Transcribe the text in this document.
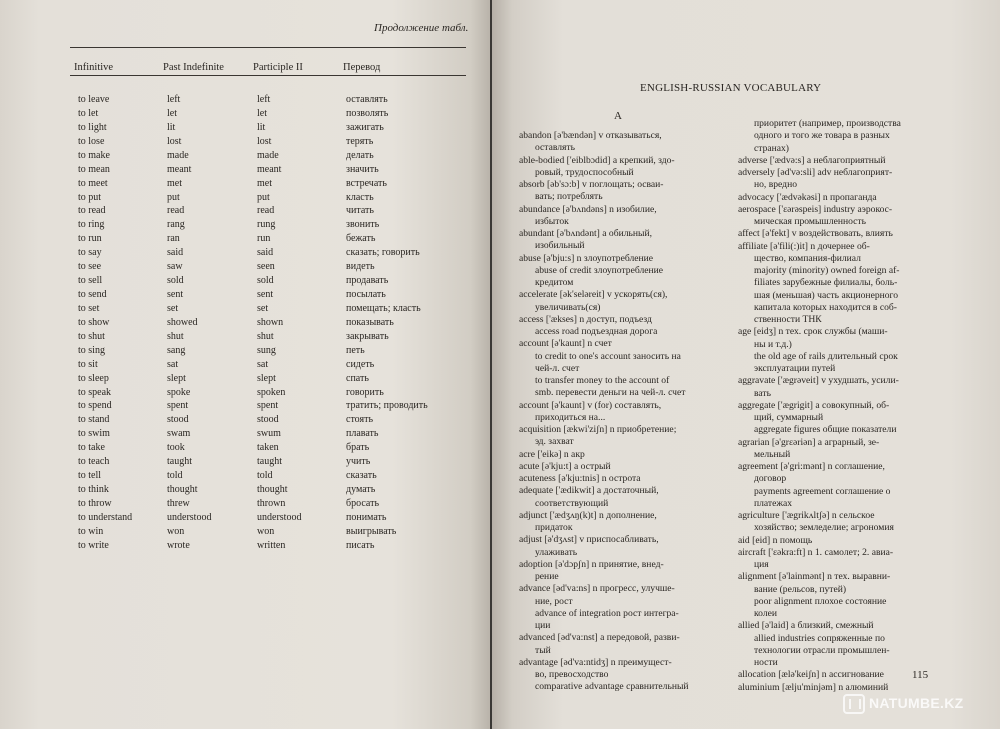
Продолжение табл.
Infinitive	Past Indefinite	Participle II	Перевод
to leave	left	left	оставлять
to let	let	let	позволять
to light	lit	lit	зажигать
to lose	lost	lost	терять
to make	made	made	делать
to mean	meant	meant	значить
to meet	met	met	встречать
to put	put	put	класть
to read	read	read	читать
to ring	rang	rung	звонить
to run	ran	run	бежать
to say	said	said	сказать; говорить
to see	saw	seen	видеть
to sell	sold	sold	продавать
to send	sent	sent	посылать
to set	set	set	помещать; класть
to show	showed	shown	показывать
to shut	shut	shut	закрывать
to sing	sang	sung	петь
to sit	sat	sat	сидеть
to sleep	slept	slept	спать
to speak	spoke	spoken	говорить
to spend	spent	spent	тратить; проводить
to stand	stood	stood	стоять
to swim	swam	swum	плавать
to take	took	taken	брать
to teach	taught	taught	учить
to tell	told	told	сказать
to think	thought	thought	думать
to throw	threw	thrown	бросать
to understand	understood	understood	понимать
to win	won	won	выигрывать
to write	wrote	written	писать
ENGLISH-RUSSIAN VOCABULARY
A
abandon [ə'bændən] v отказываться,
оставлять
able-bodied ['eiblbɔdid] a крепкий, здо-
ровый, трудоспособный
absorb [əb'sɔ:b] v поглощать; осваи-
вать; потреблять
abundance [ə'bʌndəns] n изобилие,
избыток
abundant [ə'bʌndənt] a обильный,
изобильный
abuse [ə'bju:s] n злоупотребление
abuse of credit злоупотребление
кредитом
accelerate [ək'seləreit] v ускорять(ся),
увеличивать(ся)
access ['ækses] n доступ, подъезд
access road подъездная дорога
account [ə'kaunt] n счет
to credit to one's account заносить на
чей-л. счет
to transfer money to the account of
smb. перевести деньги на чей-л. счет
account [ə'kaunt] v (for) составлять,
приходиться на...
acquisition [ækwi'ziʃn] n приобретение;
эд. захват
acre ['eikə] n акр
acute [ə'kju:t] a острый
acuteness [ə'kju:tnis] n острота
adequate ['ædikwit] a достаточный,
соответствующий
adjunct ['ædʒʌŋ(k)t] n дополнение,
придаток
adjust [ə'dʒʌst] v приспосабливать,
улаживать
adoption [ə'dɔpʃn] n принятие, внед-
рение
advance [əd'va:ns] n прогресс, улучше-
ние, рост
advance of integration рост интегра-
ции
advanced [əd'va:nst] a передовой, разви-
тый
advantage [əd'va:ntidʒ] n преимущест-
во, превосходство
comparative advantage сравнительный
приоритет (например, производства
одного и того же товара в разных
странах)
adverse ['ædvə:s] a неблагоприятный
adversely [əd'və:sli] adv неблагоприят-
но, вредно
advocacy ['ædvəkəsi] n пропаганда
aerospace ['ɛərəspeis] industry аэрокос-
мическая промышленность
affect [ə'fekt] v воздействовать, влиять
affiliate [ə'fili(:)it] n дочернее об-
щество, компания-филиал
majority (minority) owned foreign af-
filiates зарубежные филиалы, боль-
шая (меньшая) часть акционерного
капитала которых находится в соб-
ственности ТНК
age [eidʒ] n тех. срок службы (маши-
ны и т.д.)
the old age of rails длительный срок
эксплуатации путей
aggravate ['ægrəveit] v ухудшать, усили-
вать
aggregate ['ægrigit] a совокупный, об-
щий, суммарный
aggregate figures общие показатели
agrarian [ə'grɛəriən] a аграрный, зе-
мельный
agreement [ə'gri:mənt] n соглашение,
договор
payments agreement соглашение о
платежах
agriculture ['ægrikʌltʃə] n сельское
хозяйство; земледелие; агрономия
aid [eid] n помощь
aircraft ['ɛəkra:ft] n 1. самолет; 2. авиа-
ция
alignment [ə'lainmənt] n тех. выравни-
вание (рельсов, путей)
poor alignment плохое состояние
колеи
allied [ə'laid] a близкий, смежный
allied industries сопряженные по
технологии отрасли промышлен-
ности
allocation [ælə'keiʃn] n ассигнование
aluminium [ælju'minjəm] n алюминий
115
NATUMBE.KZ
